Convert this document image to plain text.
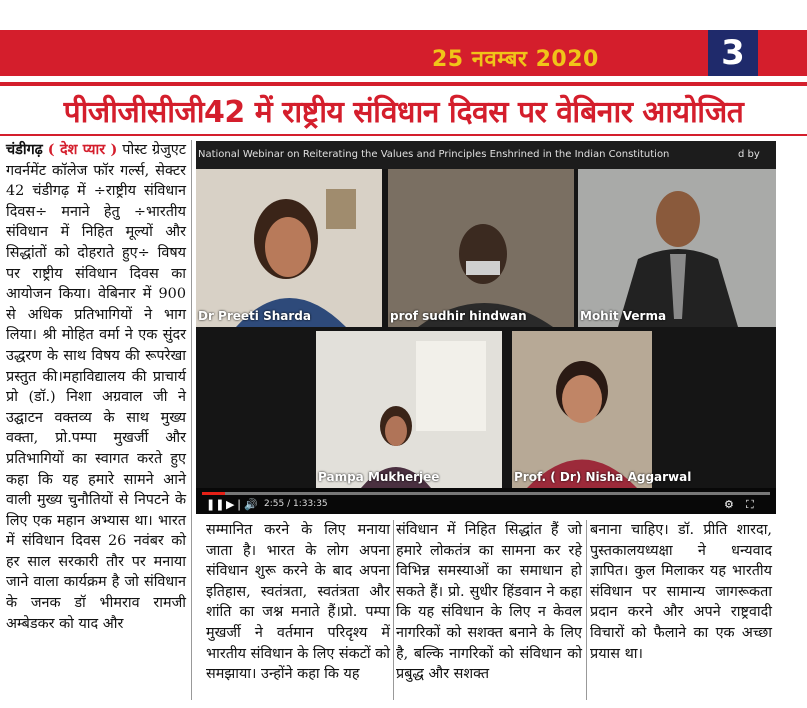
25 नवम्बर 2020	3
पीजीजीसीजी42 में राष्ट्रीय संविधान दिवस पर वेबिनार आयोजित
चंडीगढ़ ( देश प्यार ) पोस्ट ग्रेजुएट गवर्नमेंट कॉलेज फॉर गर्ल्स, सेक्टर 42 चंडीगढ़ में ÷राष्ट्रीय संविधान दिवस÷ मनाने हेतु ÷भारतीय संविधान में निहित मूल्यों और सिद्धांतों को दोहराते हुए÷ विषय पर राष्ट्रीय संविधान दिवस का आयोजन किया। वेबिनार में 900 से अधिक प्रतिभागियों ने भाग लिया। श्री मोहित वर्मा ने एक सुंदर उद्धरण के साथ विषय की रूपरेखा प्रस्तुत की।महाविद्यालय की प्राचार्य प्रो (डॉ.) निशा अग्रवाल जी ने उद्घाटन वक्तव्य के साथ मुख्य वक्ता, प्रो.पम्पा मुखर्जी और प्रतिभागियों का स्वागत करते हुए कहा कि यह हमारे सामने आने वाली मुख्य चुनौतियों से निपटने के लिए एक महान अभ्यास था। भारत में संविधान दिवस 26 नवंबर को हर साल सरकारी तौर पर मनाया जाने वाला कार्यक्रम है जो संविधान के जनक डॉ भीमराव रामजी अम्बेडकर को याद और
National Webinar on Reiterating the Values and Principles Enshrined in the Indian Constitution	d by
Dr Preeti Sharda	prof sudhir hindwan	Mohit Verma
Pampa Mukherjee	Prof. ( Dr) Nisha Aggarwal
❚❚ ▶❘ 🔊 2:55 / 1:33:35	⚙ ⛶
सम्मानित करने के लिए मनाया जाता है। भारत के लोग अपना संविधान शुरू करने के बाद अपना इतिहास, स्वतंत्रता, स्वतंत्रता और शांति का जश्न मनाते हैं।प्रो. पम्पा मुखर्जी ने वर्तमान परिदृश्य में भारतीय संविधान के लिए संकटों को समझाया। उन्होंने कहा कि यह
संविधान में निहित सिद्धांत हैं जो हमारे लोकतंत्र का सामना कर रहे विभिन्न समस्याओं का समाधान हो सकते हैं। प्रो. सुधीर हिंडवान ने कहा कि यह संविधान के लिए न केवल नागरिकों को सशक्त बनाने के लिए है, बल्कि नागरिकों को संविधान को प्रबुद्ध और सशक्त
बनाना चाहिए। डॉ. प्रीति शारदा, पुस्तकालयध्यक्षा ने धन्यवाद ज्ञापित। कुल मिलाकर यह भारतीय संविधान पर सामान्य जागरूकता प्रदान करने और अपने राष्ट्रवादी विचारों को फैलाने का एक अच्छा प्रयास था।
